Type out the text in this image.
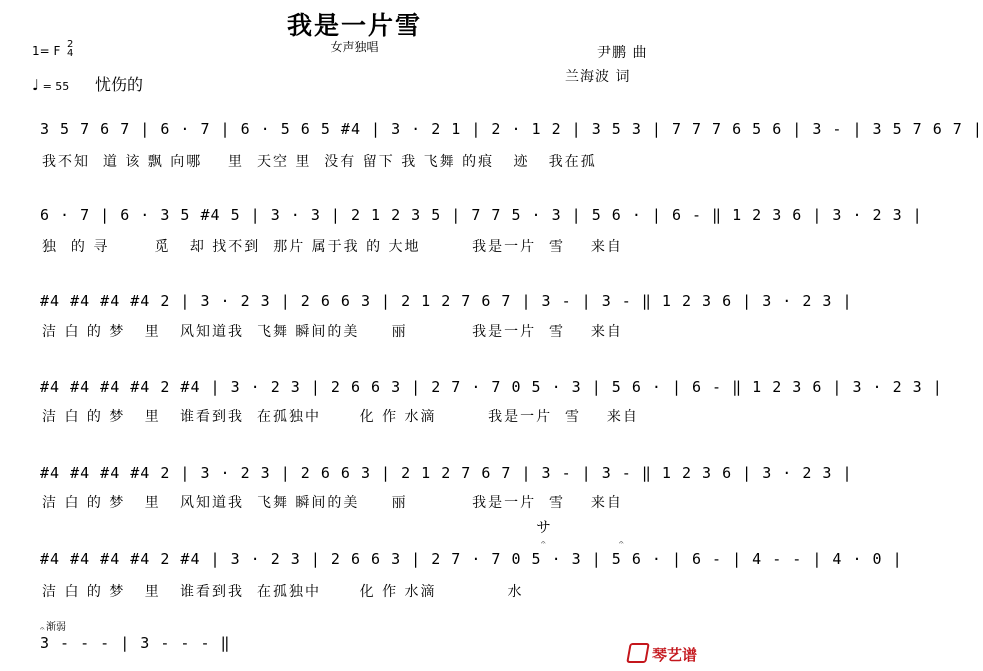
我是一片雪
女声独唱
1= F 2
4
♩ = 55 忧伤的
尹鹏 曲
兰海波 词
3 5 7 6 7 | 6 · 7 | 6 · 5 6 5 #4 | 3 · 2 1 | 2 · 1 2 | 3 5 3 | 7 7 7 6 5 6 | 3 - | 3 5 7 6 7 |
我不知  道 该 飘 向哪    里  天空 里  没有 留下 我 飞舞 的痕   迹   我在孤
6 · 7 | 6 · 3 5 #4 5 | 3 · 3 | 2 1 2 3 5 | 7 7 5 · 3 | 5 6 · | 6 - ‖ 1 2 3 6 | 3 · 2 3 |
独  的 寻       觅   却 找不到  那片 属于我 的 大地        我是一片  雪    来自
#4 #4 #4 #4 2 | 3 · 2 3 | 2 6 6 3 | 2 1 2 7 6 7 | 3 - | 3 - ‖ 1 2 3 6 | 3 · 2 3 |
洁 白 的 梦   里   风知道我  飞舞 瞬间的美     丽          我是一片  雪    来自
#4 #4 #4 #4 2 #4 | 3 · 2 3 | 2 6 6 3 | 2 7 · 7 0 5 · 3 | 5 6 · | 6 - ‖ 1 2 3 6 | 3 · 2 3 |
洁 白 的 梦   里   谁看到我  在孤独中      化 作 水滴        我是一片  雪    来自
#4 #4 #4 #4 2 | 3 · 2 3 | 2 6 6 3 | 2 1 2 7 6 7 | 3 - | 3 - ‖ 1 2 3 6 | 3 · 2 3 |
洁 白 的 梦   里   风知道我  飞舞 瞬间的美     丽          我是一片  雪    来自
サ
𝄐	𝄐
#4 #4 #4 #4 2 #4 | 3 · 2 3 | 2 6 6 3 | 2 7 · 7 0 5 · 3 | 5 6 · | 6 - | 4 - - | 4 · 0 |
洁 白 的 梦   里   谁看到我  在孤独中      化 作 水滴           水
渐弱
𝄐
3 - - - | 3 - - - ‖
琴艺谱
